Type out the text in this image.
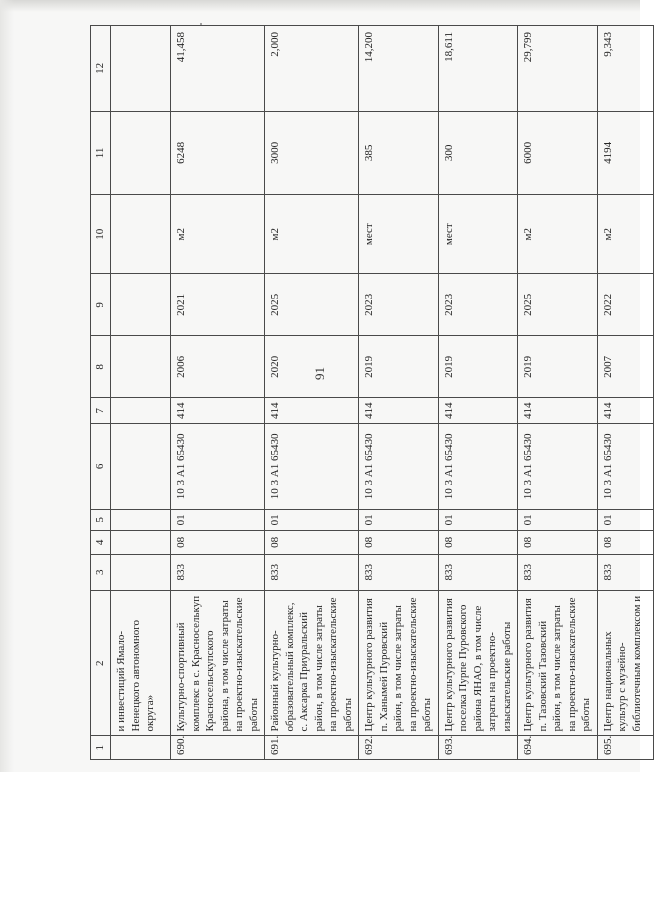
91
1	2	3	4	5	6	7	8	9	10	11	12
	и инвестиций Ямало-Ненецкого автономного округа»										
690.	Культурно-спортивный комплекс в с. Красноселькуп Красносельскупского района, в том числе затраты на проектно-изыскательские работы	833	08	01	10 3 А1 65430	414	2006	2021	м2	6248	41,458
691.	Районный культурно-образовательный комплекс, с. Аксарка Приуральский район, в том числе затраты на проектно-изыскательские работы	833	08	01	10 3 А1 65430	414	2020	2025	м2	3000	2,000
692.	Центр культурного развития п. Ханымей Пуровский район, в том числе затраты на проектно-изыскательские работы	833	08	01	10 3 А1 65430	414	2019	2023	мест	385	14,200
693.	Центр культурного развития поселка Пурпе Пуровского района ЯНАО, в том числе затраты на проектно-изыскательские работы	833	08	01	10 3 А1 65430	414	2019	2023	мест	300	18,611
694.	Центр культурного развития п. Тазовский Тазовский район, в том числе затраты на проектно-изыскательские работы	833	08	01	10 3 А1 65430	414	2019	2025	м2	6000	29,799
695.	Центр национальных культур с музейно-библиотечным комплексом и	833	08	01	10 3 А1 65430	414	2007	2022	м2	4194	9,343
